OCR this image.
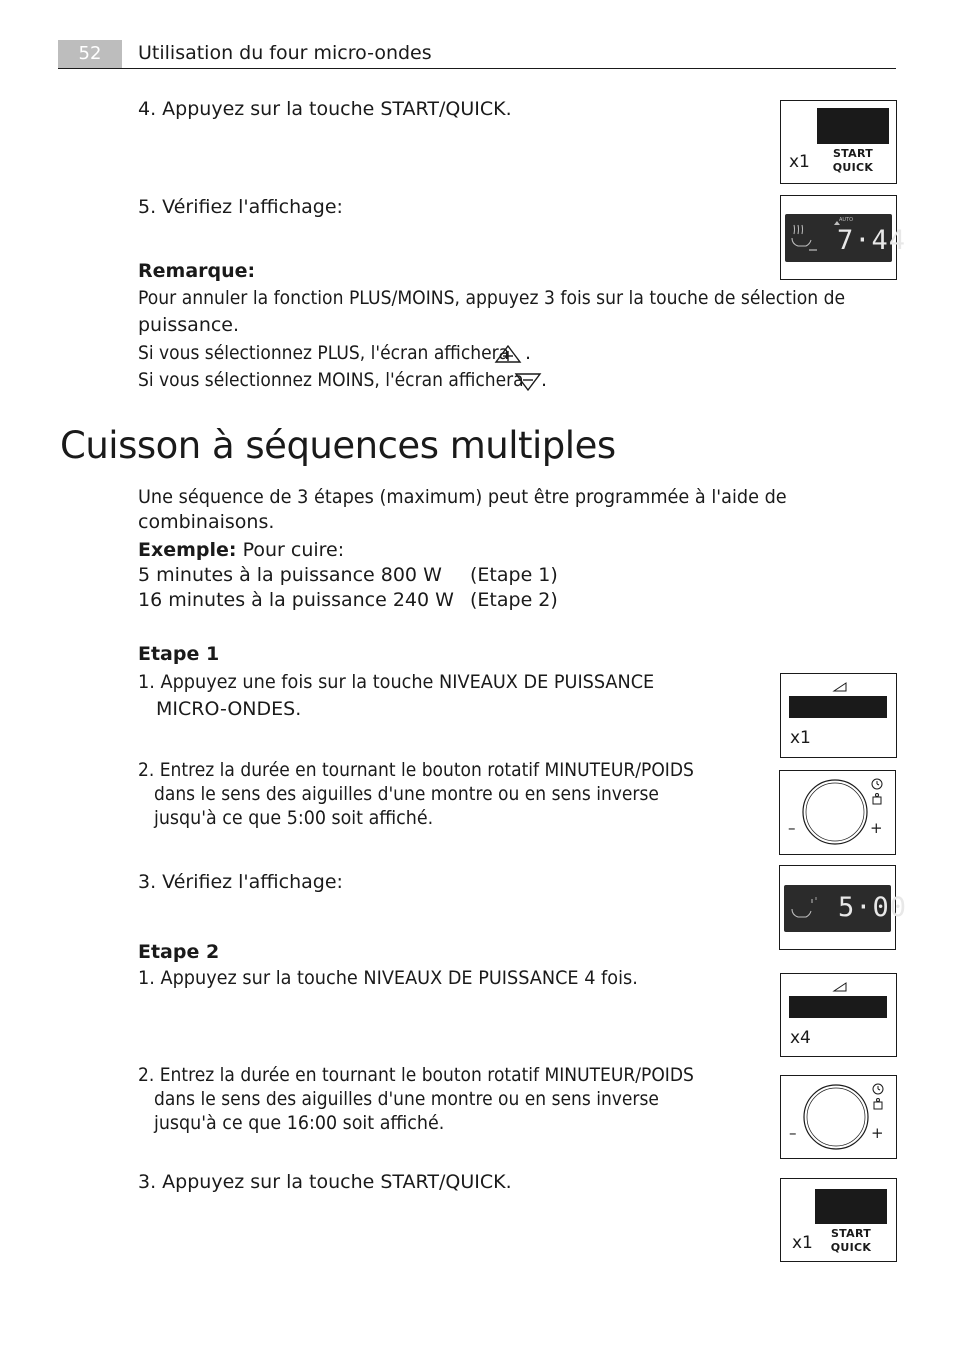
52	Utilisation du four micro-ondes
4. Appuyez sur la touche START/QUICK.
5. Vérifiez l'affichage:
Remarque:
Pour annuler la fonction PLUS/MOINS, appuyez 3 fois sur la touche de sélection de
puissance.
Si vous sélectionnez PLUS, l'écran affichera .
Si vous sélectionnez MOINS, l'écran affichera .
Cuisson à séquences multiples
Une séquence de 3 étapes (maximum) peut être programmée à l'aide de
combinaisons.
Exemple: Pour cuire:
5 minutes à la puissance 800 W (Etape 1)
16 minutes à la puissance 240 W (Etape 2)
Etape 1
1. Appuyez une fois sur la touche NIVEAUX DE PUISSANCE
MICRO-ONDES.
2. Entrez la durée en tournant le bouton rotatif MINUTEUR/POIDS
dans le sens des aiguilles d'une montre ou en sens inverse
jusqu'à ce que 5:00 soit affiché.
3. Vérifiez l'affichage:
Etape 2
1. Appuyez sur la touche NIVEAUX DE PUISSANCE 4 fois.
2. Entrez la durée en tournant le bouton rotatif MINUTEUR/POIDS
dans le sens des aiguilles d'une montre ou en sens inverse
jusqu'à ce que 16:00 soit affiché.
3. Appuyez sur la touche START/QUICK.
START
QUICK
x1
AUTO
7·44
x1
–	+
5·00
x4
–	+
START
QUICK
x1
